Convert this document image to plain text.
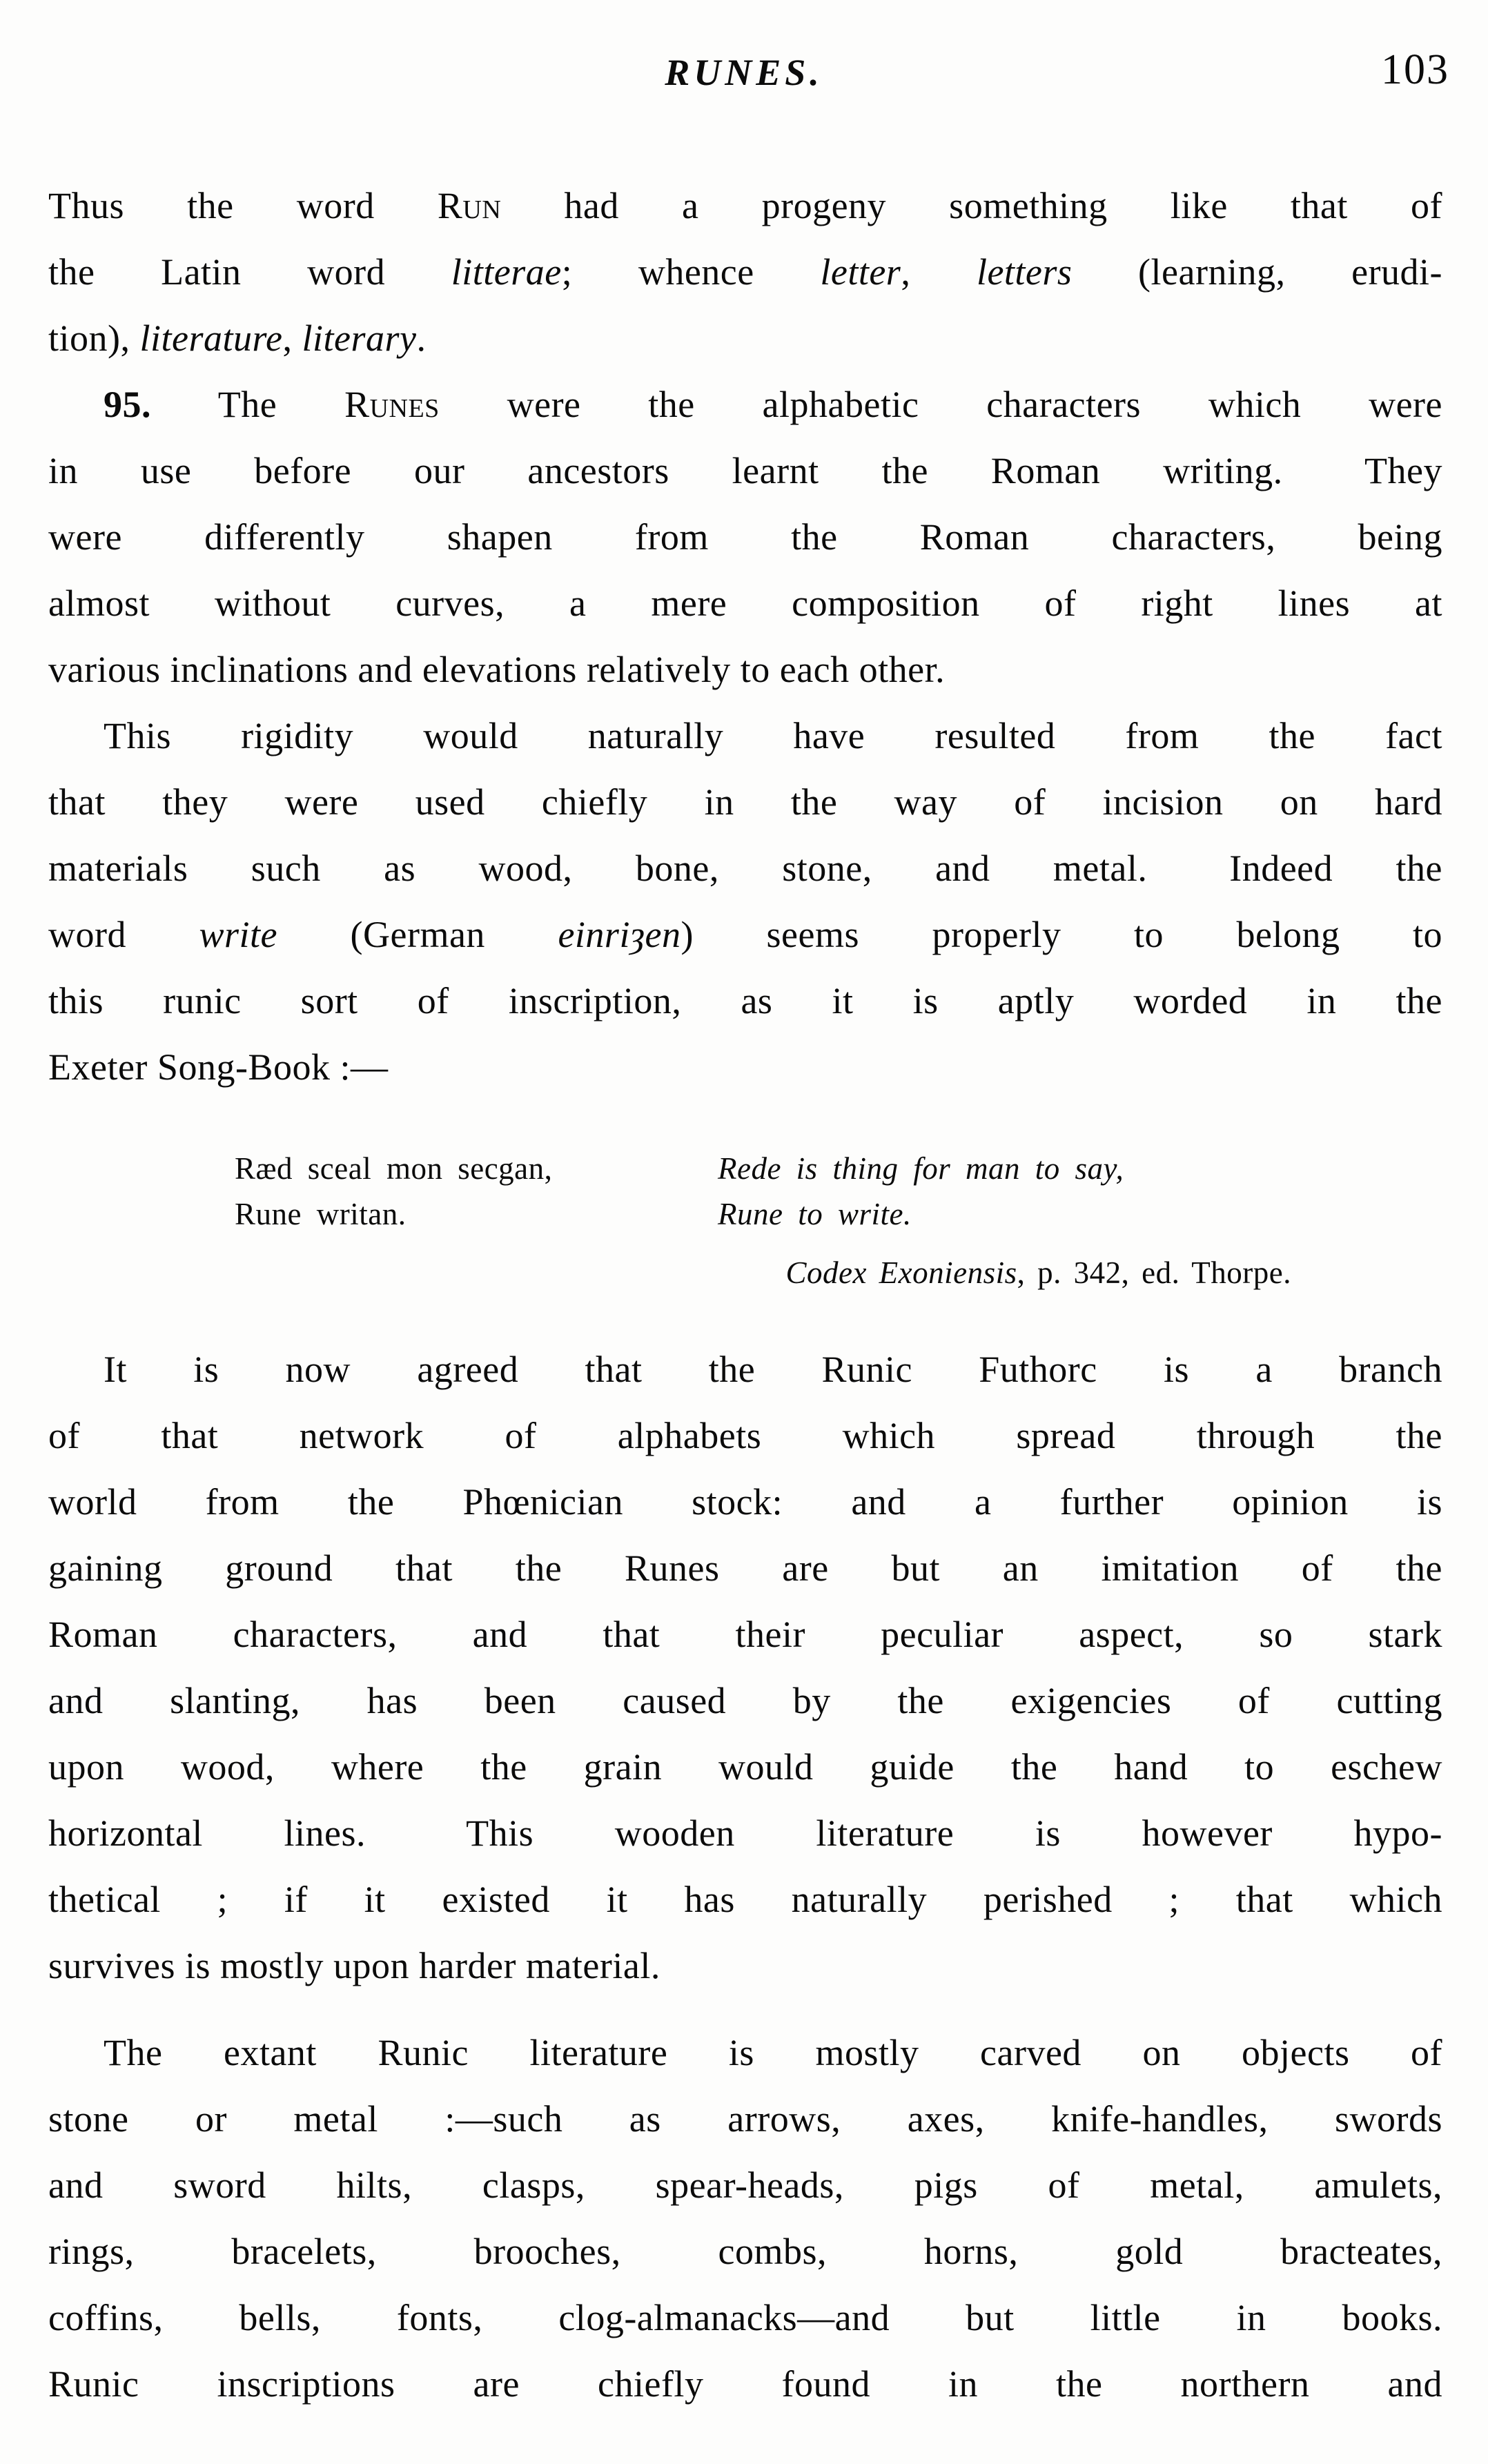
RUNES.	103
Thus the word Run had a progeny something like that of
the Latin word litterae; whence letter, letters (learning, erudi-
tion), literature, literary.
95. The Runes were the alphabetic characters which were
in use before our ancestors learnt the Roman writing.  They
were differently shapen from the Roman characters, being
almost without curves, a mere composition of right lines at
various inclinations and elevations relatively to each other.
This rigidity would naturally have resulted from the fact
that they were used chiefly in the way of incision on hard
materials such as wood, bone, stone, and metal.  Indeed the
word write (German einriȝen) seems properly to belong to
this runic sort of inscription, as it is aptly worded in the
Exeter Song-Book :—
Ræd sceal mon secgan,	Rede is thing for man to say,
Rune writan.	Rune to write.
Codex Exoniensis, p. 342, ed. Thorpe.
It is now agreed that the Runic Futhorc is a branch
of that network of alphabets which spread through the
world from the Phœnician stock: and a further opinion is
gaining ground that the Runes are but an imitation of the
Roman characters, and that their peculiar aspect, so stark
and slanting, has been caused by the exigencies of cutting
upon wood, where the grain would guide the hand to eschew
horizontal lines.  This wooden literature is however hypo-
thetical ; if it existed it has naturally perished ; that which
survives is mostly upon harder material.
The extant Runic literature is mostly carved on objects of
stone or metal :—such as arrows, axes, knife-handles, swords
and sword hilts, clasps, spear-heads, pigs of metal, amulets,
rings, bracelets, brooches, combs, horns, gold bracteates,
coffins, bells, fonts, clog-almanacks—and but little in books.
Runic inscriptions are chiefly found in the northern and
